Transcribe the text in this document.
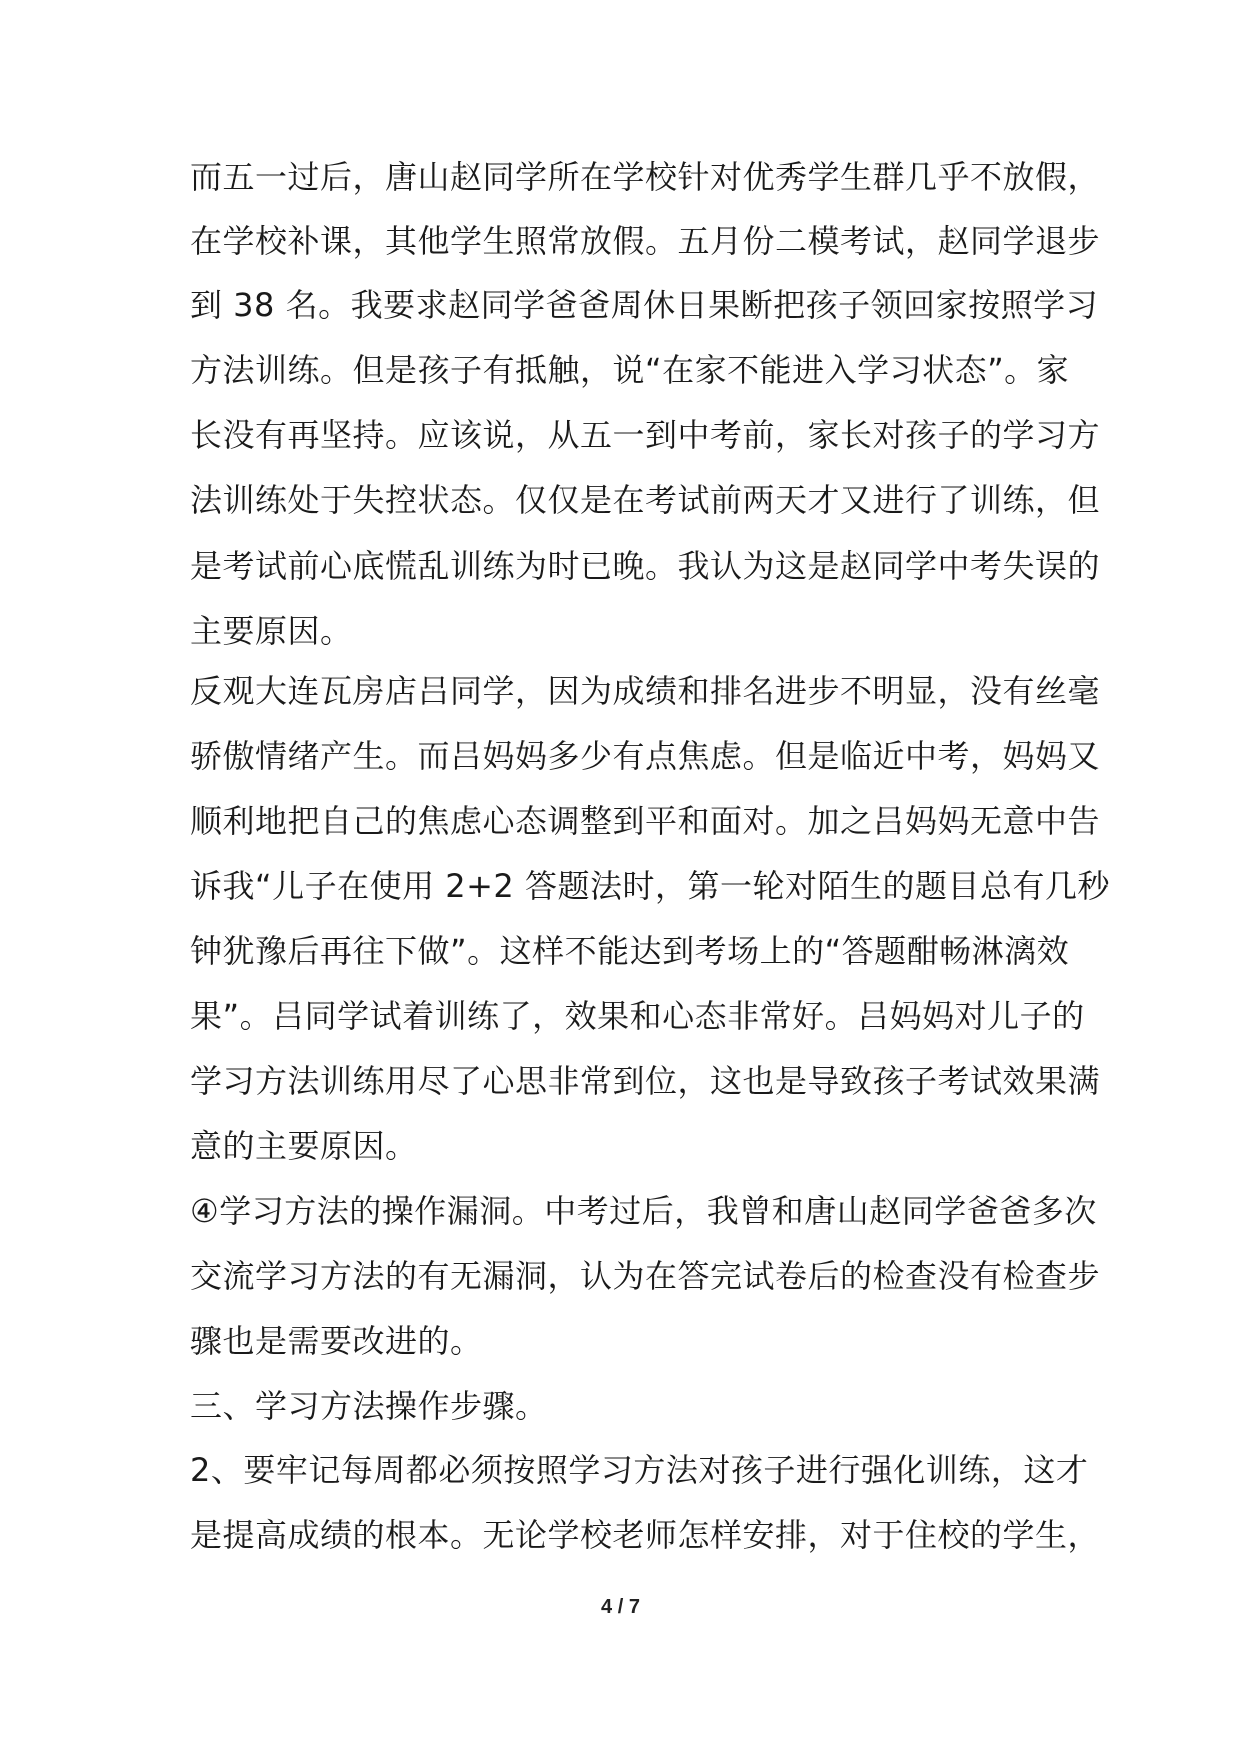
而五一过后，唐山赵同学所在学校针对优秀学生群几乎不放假，
在学校补课，其他学生照常放假。五月份二模考试，赵同学退步
到 38 名。我要求赵同学爸爸周休日果断把孩子领回家按照学习
方法训练。但是孩子有抵触，说“在家不能进入学习状态”。家
长没有再坚持。应该说，从五一到中考前，家长对孩子的学习方
法训练处于失控状态。仅仅是在考试前两天才又进行了训练，但
是考试前心底慌乱训练为时已晚。我认为这是赵同学中考失误的
主要原因。
反观大连瓦房店吕同学，因为成绩和排名进步不明显，没有丝毫
骄傲情绪产生。而吕妈妈多少有点焦虑。但是临近中考，妈妈又
顺利地把自己的焦虑心态调整到平和面对。加之吕妈妈无意中告
诉我“儿子在使用 2+2 答题法时，第一轮对陌生的题目总有几秒
钟犹豫后再往下做”。这样不能达到考场上的“答题酣畅淋漓效
果”。吕同学试着训练了，效果和心态非常好。吕妈妈对儿子的
学习方法训练用尽了心思非常到位，这也是导致孩子考试效果满
意的主要原因。
④学习方法的操作漏洞。中考过后，我曾和唐山赵同学爸爸多次
交流学习方法的有无漏洞，认为在答完试卷后的检查没有检查步
骤也是需要改进的。
三、学习方法操作步骤。
2、要牢记每周都必须按照学习方法对孩子进行强化训练，这才
是提高成绩的根本。无论学校老师怎样安排，对于住校的学生，
4 / 7
